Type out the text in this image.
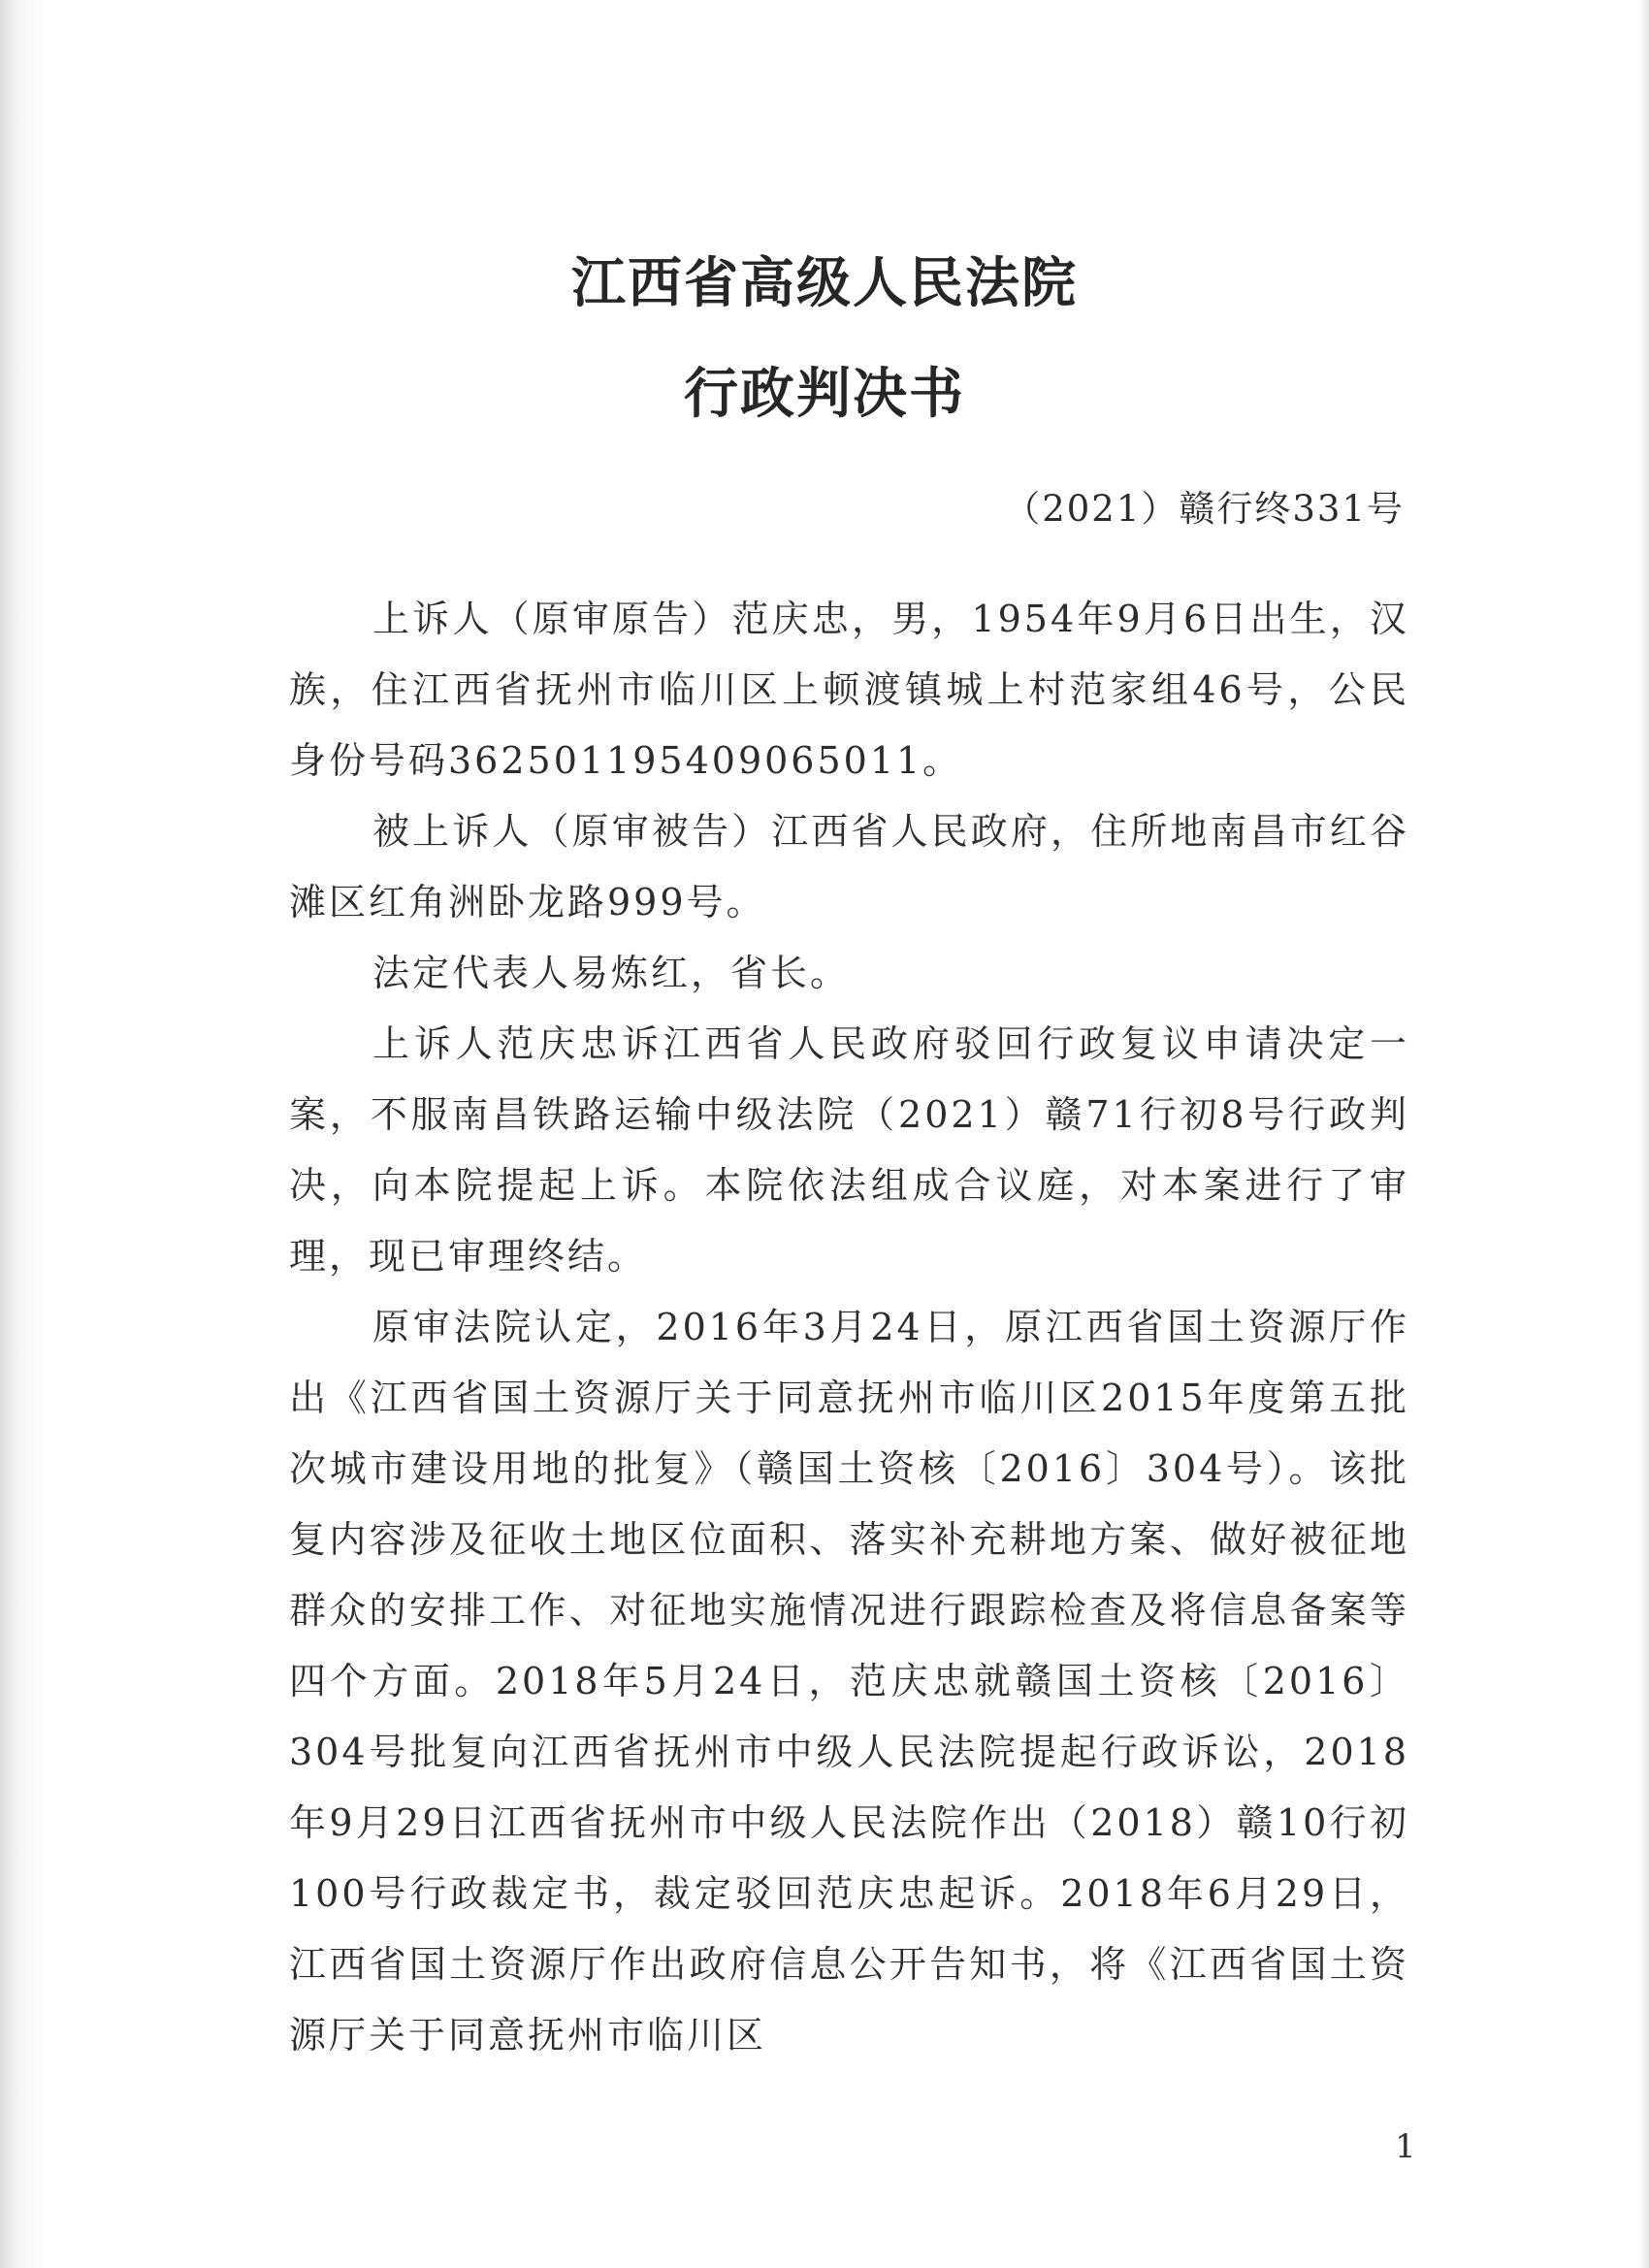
江西省高级人民法院
行政判决书
（2021）赣行终331号

上诉人（原审原告）范庆忠，男，1954年9月6日出生，汉族，住江西省抚州市临川区上顿渡镇城上村范家组46号，公民身份号码362501195409065011。

被上诉人（原审被告）江西省人民政府，住所地南昌市红谷滩区红角洲卧龙路999号。

法定代表人易炼红，省长。

上诉人范庆忠诉江西省人民政府驳回行政复议申请决定一案，不服南昌铁路运输中级法院（2021）赣71行初8号行政判决，向本院提起上诉。本院依法组成合议庭，对本案进行了审理，现已审理终结。

原审法院认定，2016年3月24日，原江西省国土资源厅作出《江西省国土资源厅关于同意抚州市临川区2015年度第五批次城市建设用地的批复》（赣国土资核〔2016〕304号）。该批复内容涉及征收土地区位面积、落实补充耕地方案、做好被征地群众的安排工作、对征地实施情况进行跟踪检查及将信息备案等四个方面。2018年5月24日，范庆忠就赣国土资核〔2016〕304号批复向江西省抚州市中级人民法院提起行政诉讼，2018年9月29日江西省抚州市中级人民法院作出（2018）赣10行初100号行政裁定书，裁定驳回范庆忠起诉。2018年6月29日，江西省国土资源厅作出政府信息公开告知书，将《江西省国土资源厅关于同意抚州市临川区

1
